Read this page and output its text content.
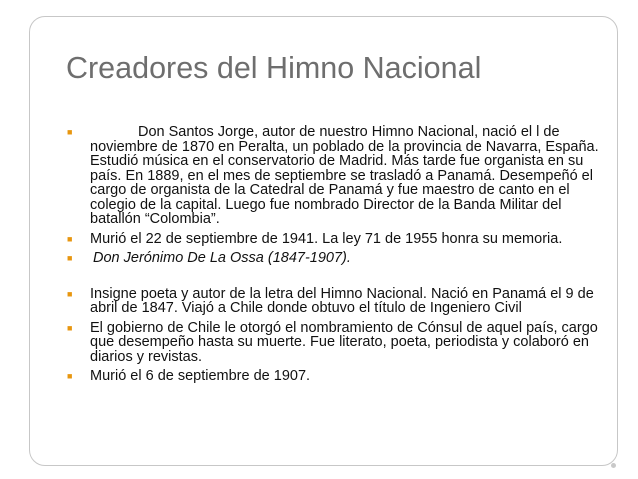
Creadores del Himno Nacional
■	Don Santos Jorge, autor de nuestro Himno Nacional, nació el l de noviembre de 1870 en Peralta, un poblado de la provincia de Navarra, España. Estudió música en el conservatorio de Madrid. Más tarde fue organista en su país. En 1889, en el mes de septiembre se trasladó a Panamá. Desempeñó el cargo de organista de la Catedral de Panamá y fue maestro de canto en el colegio de la capital. Luego fue nombrado Director de la Banda Militar del batallón “Colombia”.
■	Murió el 22 de septiembre de 1941. La ley 71 de 1955 honra su memoria.
■	Don Jerónimo De La Ossa (1847-1907).
■	Insigne poeta y autor de la letra del Himno Nacional. Nació en Panamá el 9 de abril de 1847. Viajó a Chile donde obtuvo el título de Ingeniero Civil
■	El gobierno de Chile le otorgó el nombramiento de Cónsul de aquel país, cargo que desempeño hasta su muerte. Fue literato, poeta, periodista y colaboró en diarios y revistas.
■	Murió el 6 de septiembre de 1907.
